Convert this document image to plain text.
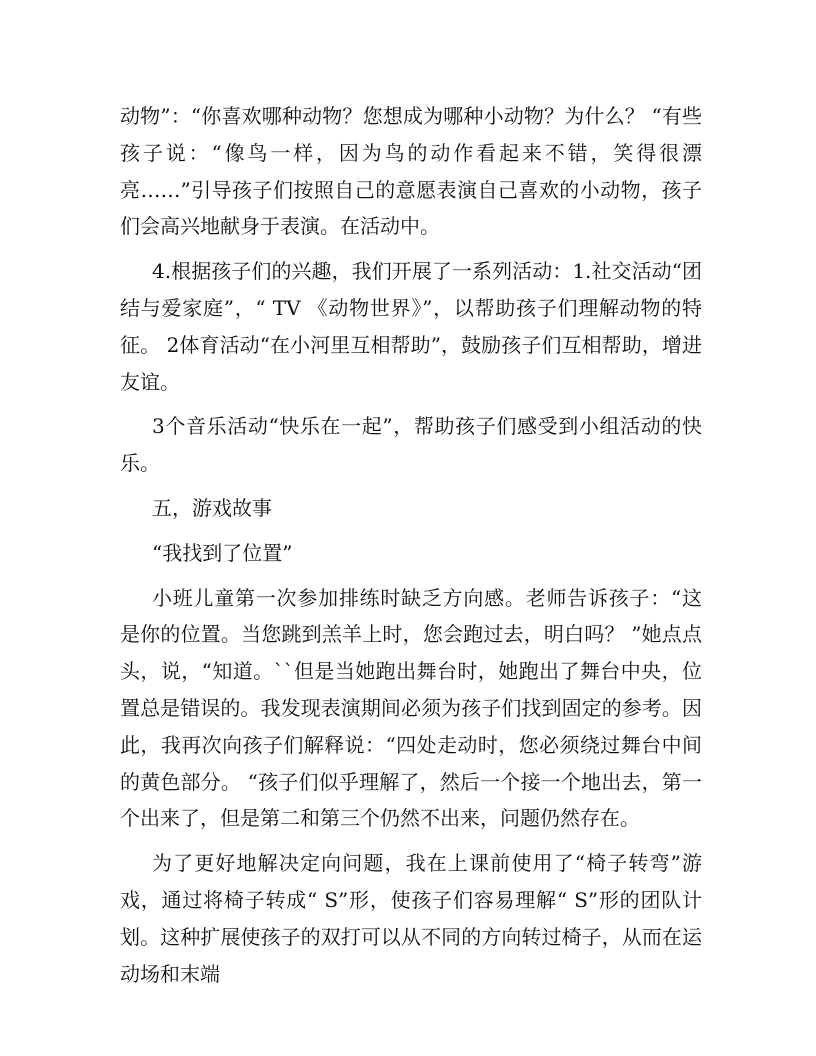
动物”：“你喜欢哪种动物？您想成为哪种小动物？为什么？ “有些孩子说：“像鸟一样，因为鸟的动作看起来不错，笑得很漂亮……”引导孩子们按照自己的意愿表演自己喜欢的小动物，孩子们会高兴地献身于表演。在活动中。

4.根据孩子们的兴趣，我们开展了一系列活动：1.社交活动“团结与爱家庭”，“ TV 《动物世界》”，以帮助孩子们理解动物的特征。 2体育活动“在小河里互相帮助”，鼓励孩子们互相帮助，增进友谊。

3个音乐活动“快乐在一起”，帮助孩子们感受到小组活动的快乐。

五，游戏故事

“我找到了位置”

小班儿童第一次参加排练时缺乏方向感。老师告诉孩子：“这是你的位置。当您跳到羔羊上时，您会跑过去，明白吗？ ”她点点头，说，“知道。``但是当她跑出舞台时，她跑出了舞台中央，位置总是错误的。我发现表演期间必须为孩子们找到固定的参考。因此，我再次向孩子们解释说：“四处走动时，您必须绕过舞台中间的黄色部分。 “孩子们似乎理解了，然后一个接一个地出去，第一个出来了，但是第二和第三个仍然不出来，问题仍然存在。

为了更好地解决定向问题，我在上课前使用了“椅子转弯”游戏，通过将椅子转成“ S”形，使孩子们容易理解“ S”形的团队计划。这种扩展使孩子的双打可以从不同的方向转过椅子，从而在运动场和末端
